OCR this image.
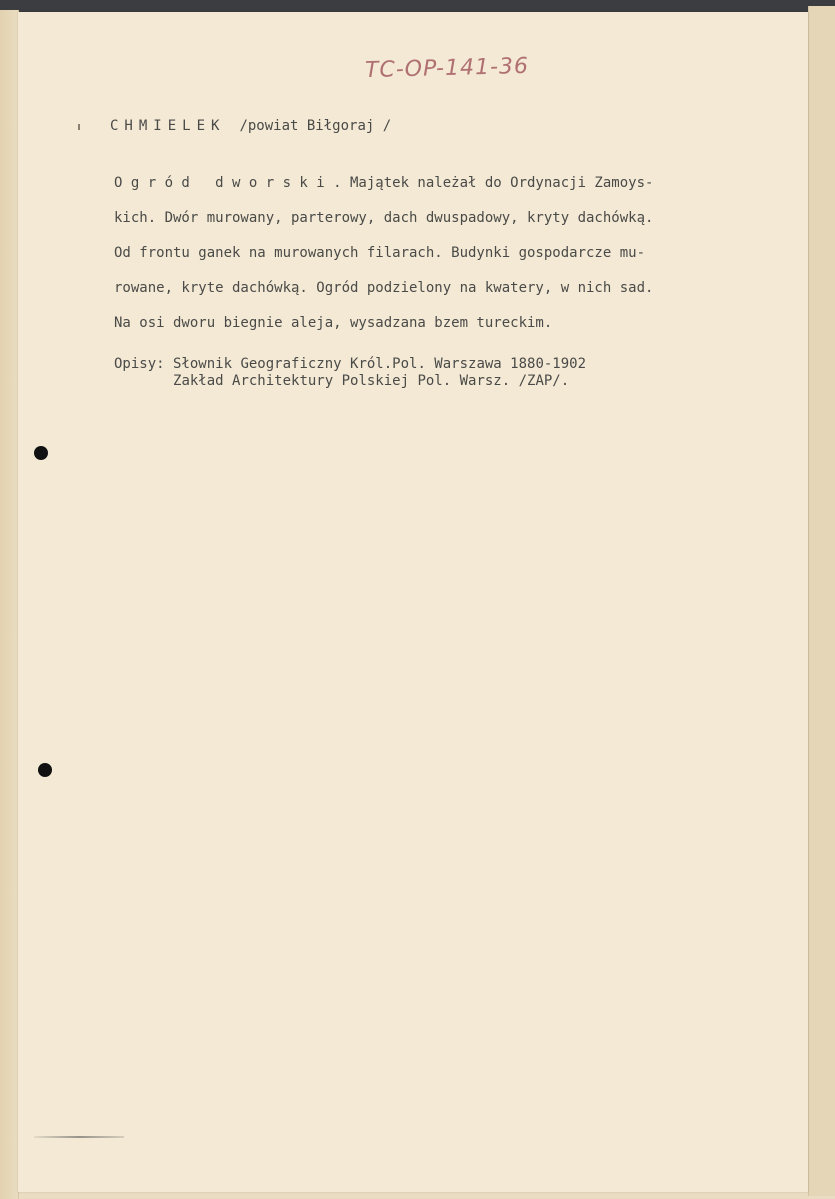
TC-OP-141-36
CHMIELEK /powiat Biłgoraj /
O g r ó d   d w o r s k i . Majątek należał do Ordynacji Zamoys-
kich. Dwór murowany, parterowy, dach dwuspadowy, kryty dachówką.
Od frontu ganek na murowanych filarach. Budynki gospodarcze mu-
rowane, kryte dachówką. Ogród podzielony na kwatery, w nich sad.
Na osi dworu biegnie aleja, wysadzana bzem tureckim.
Opisy: Słownik Geograficzny Król.Pol. Warszawa 1880-1902
Zakład Architektury Polskiej Pol. Warsz. /ZAP/.
